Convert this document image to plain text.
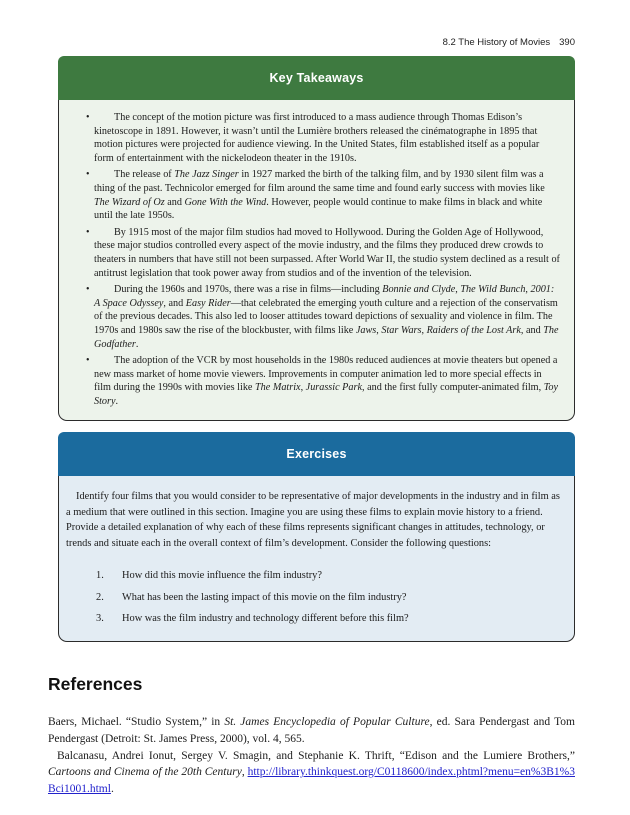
8.2 The History of Movies 390
Key Takeaways
• The concept of the motion picture was first introduced to a mass audience through Thomas Edison’s kinetoscope in 1891. However, it wasn’t until the Lumière brothers released the cinématographe in 1895 that motion pictures were projected for audience viewing. In the United States, film established itself as a popular form of entertainment with the nickelodeon theater in the 1910s.
• The release of The Jazz Singer in 1927 marked the birth of the talking film, and by 1930 silent film was a thing of the past. Technicolor emerged for film around the same time and found early success with movies like The Wizard of Oz and Gone With the Wind. However, people would continue to make films in black and white until the late 1950s.
• By 1915 most of the major film studios had moved to Hollywood. During the Golden Age of Hollywood, these major studios controlled every aspect of the movie industry, and the films they produced drew crowds to theaters in numbers that have still not been surpassed. After World War II, the studio system declined as a result of antitrust legislation that took power away from studios and of the invention of the television.
• During the 1960s and 1970s, there was a rise in films—including Bonnie and Clyde, The Wild Bunch, 2001: A Space Odyssey, and Easy Rider—that celebrated the emerging youth culture and a rejection of the conservatism of the previous decades. This also led to looser attitudes toward depictions of sexuality and violence in film. The 1970s and 1980s saw the rise of the blockbuster, with films like Jaws, Star Wars, Raiders of the Lost Ark, and The Godfather.
• The adoption of the VCR by most households in the 1980s reduced audiences at movie theaters but opened a new mass market of home movie viewers. Improvements in computer animation led to more special effects in film during the 1990s with movies like The Matrix, Jurassic Park, and the first fully computer-animated film, Toy Story.
Exercises

Identify four films that you would consider to be representative of major developments in the industry and in film as a medium that were outlined in this section. Imagine you are using these films to explain movie history to a friend. Provide a detailed explanation of why each of these films represents significant changes in attitudes, technology, or trends and situate each in the overall context of film’s development. Consider the following questions:

How did this movie influence the film industry?
What has been the lasting impact of this movie on the film industry?
How was the film industry and technology different before this film?
References

Baers, Michael. “Studio System,” in St. James Encyclopedia of Popular Culture, ed. Sara Pendergast and Tom Pendergast (Detroit: St. James Press, 2000), vol. 4, 565.

Balcanasu, Andrei Ionut, Sergey V. Smagin, and Stephanie K. Thrift, “Edison and the Lumiere Brothers,” Cartoons and Cinema of the 20th Century, http://library.thinkquest.org/C0118600/index.phtml?menu=en%3B1%3Bci1001.html.
